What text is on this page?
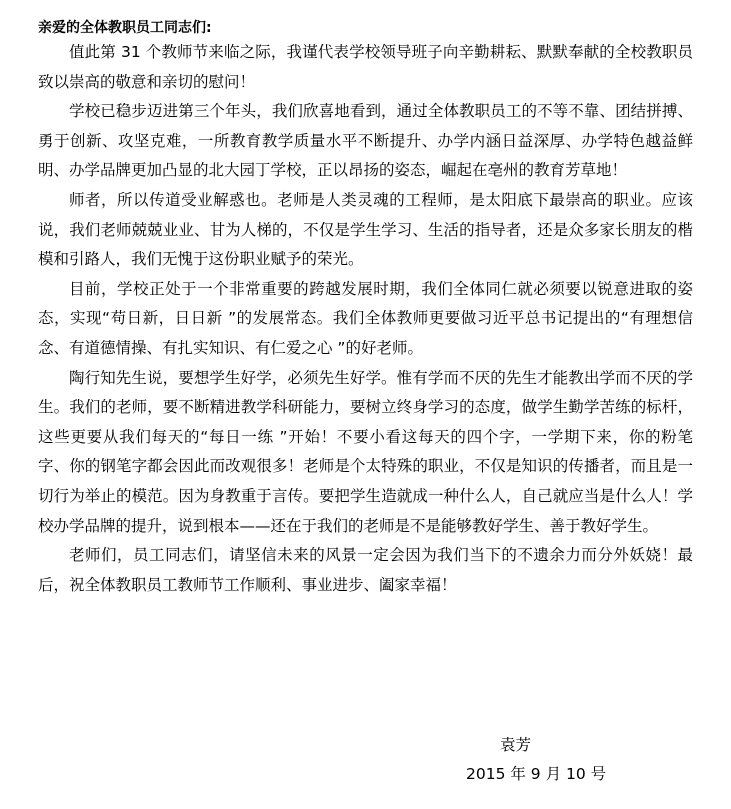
亲爱的全体教职员工同志们:

值此第 31 个教师节来临之际，我谨代表学校领导班子向辛勤耕耘、默默奉献的全校教职员致以崇高的敬意和亲切的慰问！

学校已稳步迈进第三个年头，我们欣喜地看到，通过全体教职员工的不等不靠、团结拼搏、勇于创新、攻坚克难，一所教育教学质量水平不断提升、办学内涵日益深厚、办学特色越益鲜明、办学品牌更加凸显的北大园丁学校，正以昂扬的姿态，崛起在亳州的教育芳草地！

师者，所以传道受业解惑也。老师是人类灵魂的工程师，是太阳底下最崇高的职业。应该说，我们老师兢兢业业、甘为人梯的，不仅是学生学习、生活的指导者，还是众多家长朋友的楷模和引路人，我们无愧于这份职业赋予的荣光。

目前，学校正处于一个非常重要的跨越发展时期，我们全体同仁就必须要以锐意进取的姿态，实现“苟日新，日日新 ”的发展常态。我们全体教师更要做习近平总书记提出的“有理想信念、有道德情操、有扎实知识、有仁爱之心 ”的好老师。

陶行知先生说，要想学生好学，必须先生好学。惟有学而不厌的先生才能教出学而不厌的学生。我们的老师，要不断精进教学科研能力，要树立终身学习的态度，做学生勤学苦练的标杆，这些更要从我们每天的“每日一练 ”开始！不要小看这每天的四个字，一学期下来，你的粉笔字、你的钢笔字都会因此而改观很多！老师是个太特殊的职业，不仅是知识的传播者，而且是一切行为举止的模范。因为身教重于言传。要把学生造就成一种什么人，自己就应当是什么人！学校办学品牌的提升，说到根本——还在于我们的老师是不是能够教好学生、善于教好学生。

老师们，员工同志们，请坚信未来的风景一定会因为我们当下的不遗余力而分外妖娆！最后，祝全体教职员工教师节工作顺利、事业进步、阖家幸福！

袁芳
2015 年 9 月 10 号
